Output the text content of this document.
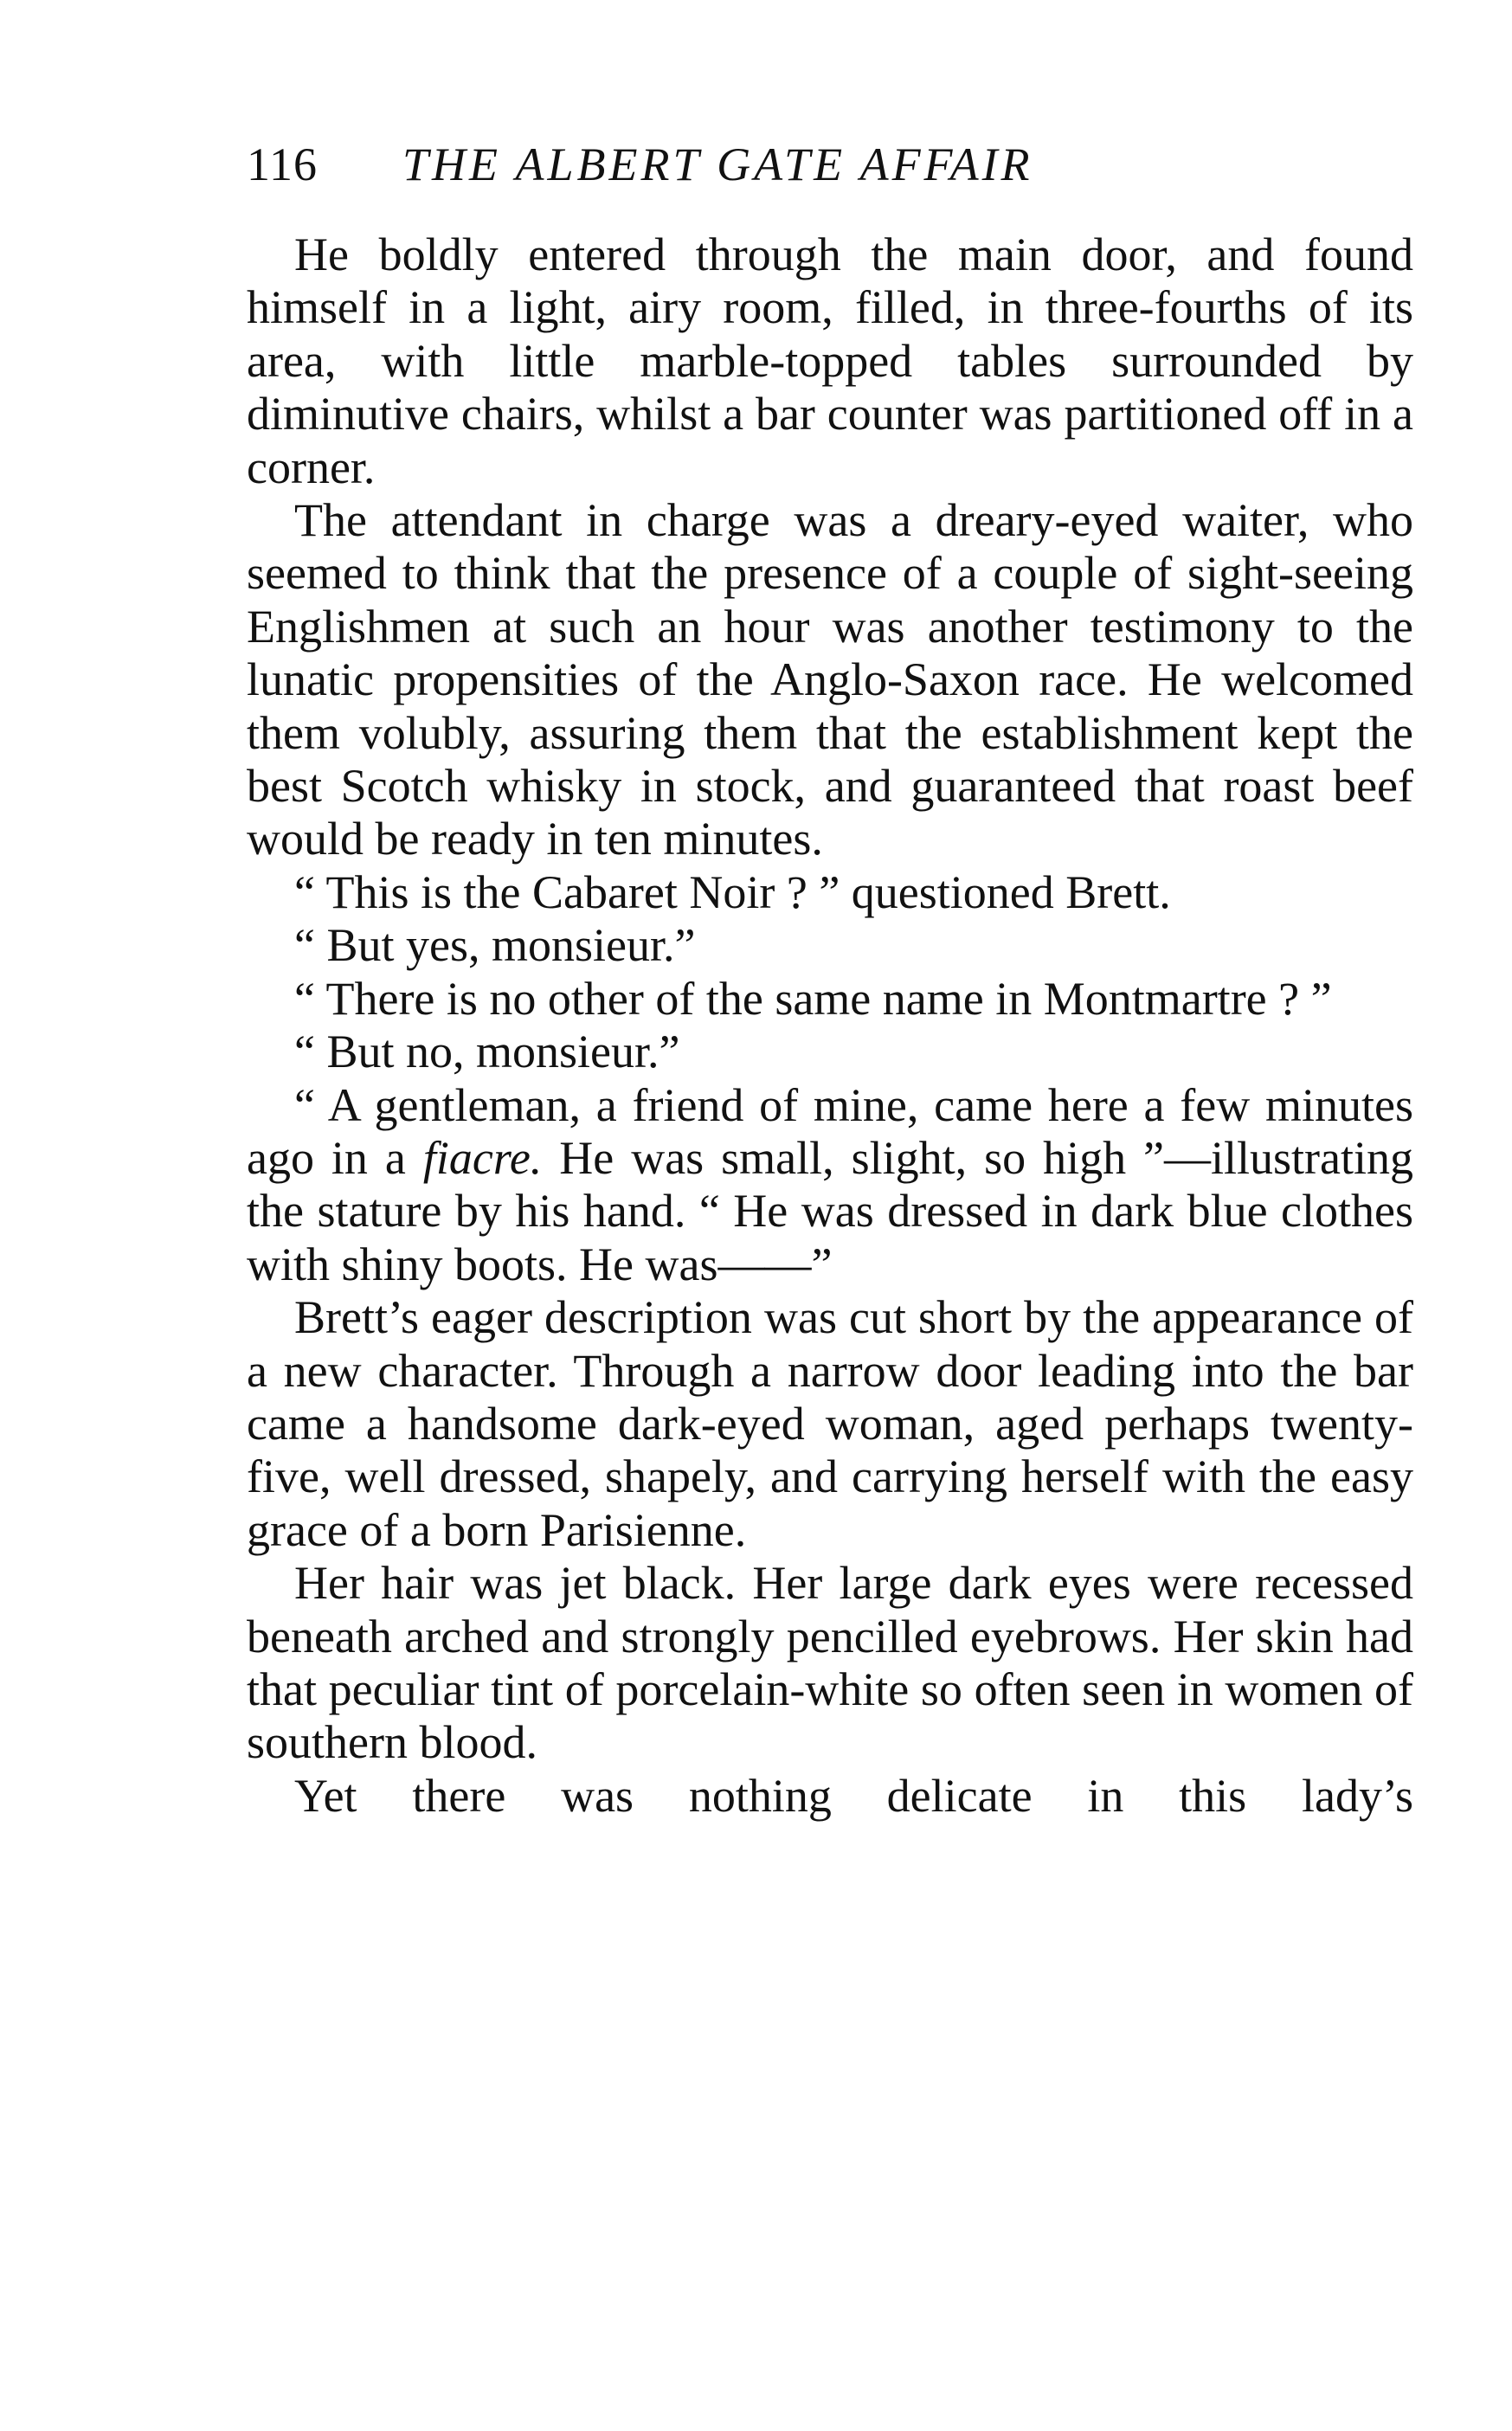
116 THE ALBERT GATE AFFAIR

He boldly entered through the main door, and found himself in a light, airy room, filled, in three-fourths of its area, with little marble-topped tables surrounded by diminutive chairs, whilst a bar counter was partitioned off in a corner.

The attendant in charge was a dreary-eyed waiter, who seemed to think that the presence of a couple of sight-seeing Englishmen at such an hour was another testimony to the lunatic propensities of the Anglo-Saxon race. He welcomed them volubly, assuring them that the establishment kept the best Scotch whisky in stock, and guaranteed that roast beef would be ready in ten minutes.

“ This is the Cabaret Noir ? ” questioned Brett.

“ But yes, monsieur.”

“ There is no other of the same name in Montmartre ? ”

“ But no, monsieur.”

“ A gentleman, a friend of mine, came here a few minutes ago in a fiacre. He was small, slight, so high ”—illustrating the stature by his hand. “ He was dressed in dark blue clothes with shiny boots. He was——”

Brett’s eager description was cut short by the appearance of a new character. Through a narrow door leading into the bar came a handsome dark-eyed woman, aged perhaps twenty-five, well dressed, shapely, and carrying herself with the easy grace of a born Parisienne.

Her hair was jet black. Her large dark eyes were recessed beneath arched and strongly pencilled eyebrows. Her skin had that peculiar tint of porcelain-white so often seen in women of southern blood.

Yet there was nothing delicate in this lady’s
